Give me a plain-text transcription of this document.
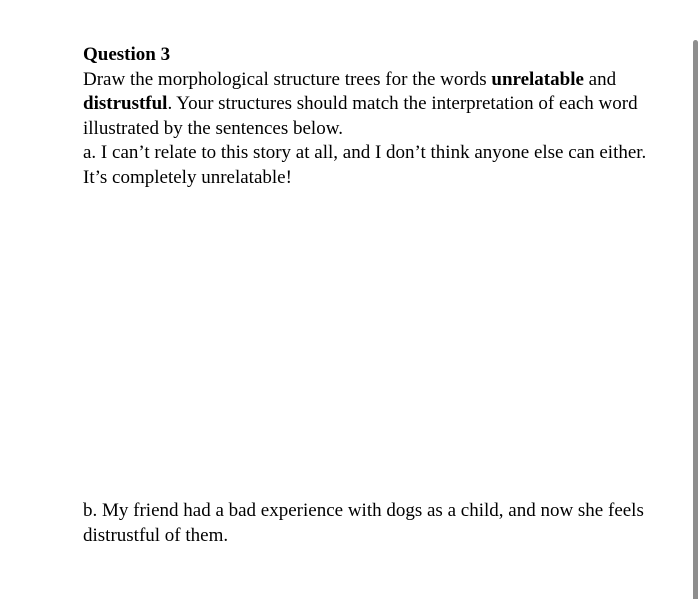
Question 3

Draw the morphological structure trees for the words unrelatable and distrustful. Your structures should match the interpretation of each word illustrated by the sentences below.

a. I can’t relate to this story at all, and I don’t think anyone else can either. It’s completely unrelatable!

b. My friend had a bad experience with dogs as a child, and now she feels distrustful of them.
